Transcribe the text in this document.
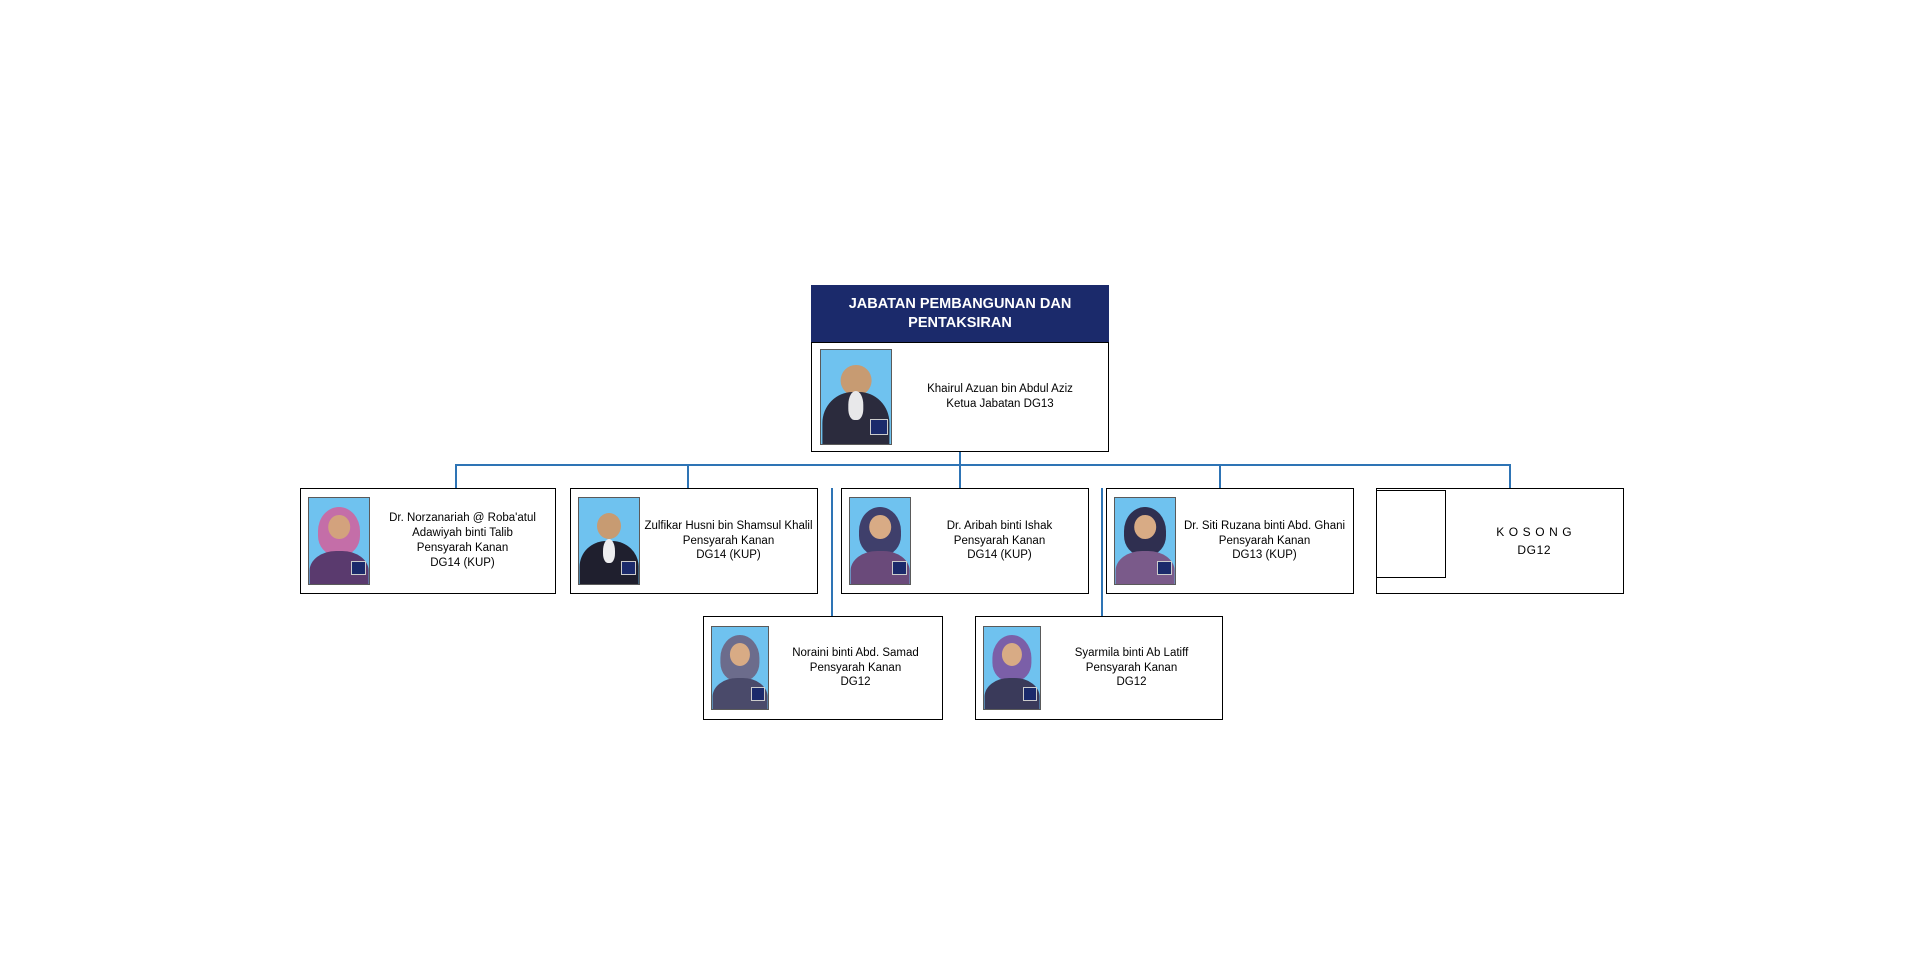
JABATAN PEMBANGUNAN DAN PENTAKSIRAN
Khairul Azuan bin Abdul Aziz
Ketua Jabatan DG13
Dr. Norzanariah @ Roba'atul Adawiyah binti Talib
Pensyarah Kanan
DG14 (KUP)
Zulfikar Husni bin Shamsul Khalil
Pensyarah Kanan
DG14 (KUP)
Dr. Aribah binti Ishak
Pensyarah Kanan
DG14 (KUP)
Dr. Siti Ruzana binti Abd. Ghani
Pensyarah Kanan
DG13 (KUP)
K O S O N G
DG12
Noraini binti Abd. Samad
Pensyarah Kanan
DG12
Syarmila binti Ab Latiff
Pensyarah Kanan
DG12
